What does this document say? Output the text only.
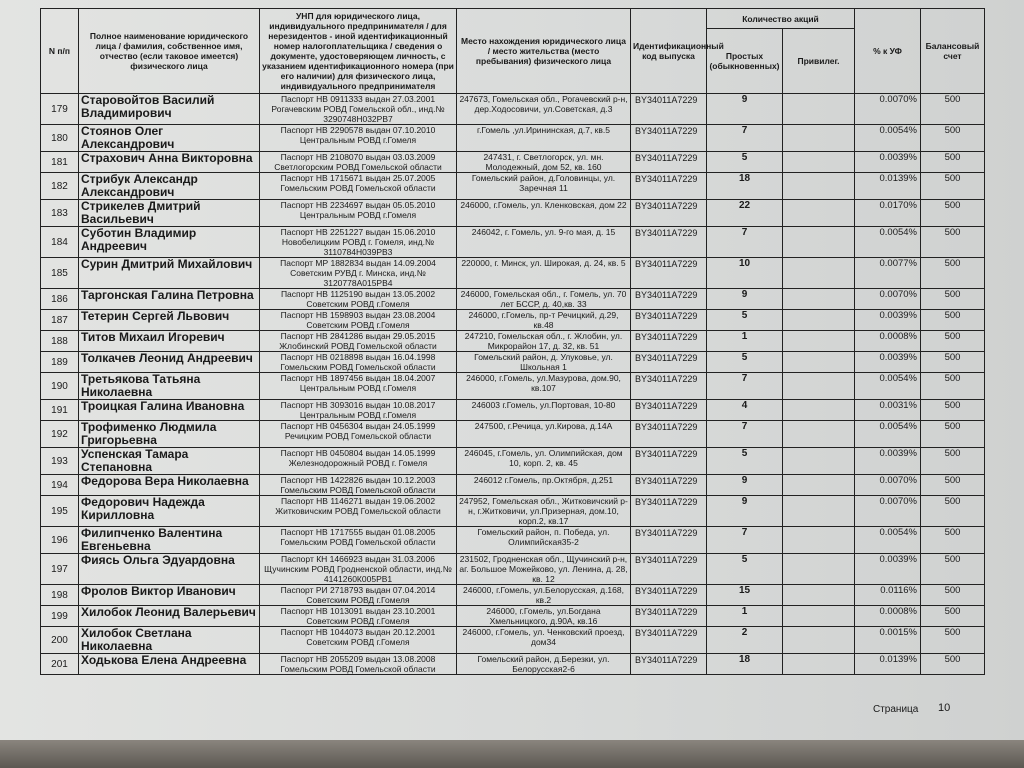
N п/п	Полное наименование юридического лица / фамилия, собственное имя, отчество (если таковое имеется) физического лица	УНП для юридического лица, индивидуального предпринимателя / для нерезидентов - иной идентификационный номер налогоплательщика / сведения о документе, удостоверяющем личность, с указанием идентификационного номера (при его наличии) для физического лица, индивидуального предпринимателя	Место нахождения юридического лица / место жительства (место пребывания) физического лица	Идентификационный код выпуска	Количество акций		% к УФ	Балансовый счет
					Простых (обыкновенных)	Привилег.		
179	Старовойтов Василий Владимирович	Паспорт НВ 0911333 выдан 27.03.2001 Рогачевским РОВД Гомельской обл., инд.№ 3290748Н032РВ7	247673, Гомельская обл., Рогачевский р-н, дер.Ходосовичи, ул.Советская, д.3	BY34011A7229	9		0.0070%	500
180	Стоянов Олег Александрович	Паспорт НВ 2290578 выдан 07.10.2010 Центральным РОВД г.Гомеля	г.Гомель ,ул.Ирининская, д.7, кв.5	BY34011A7229	7		0.0054%	500
181	Страхович Анна Викторовна	Паспорт НВ 2108070 выдан 03.03.2009 Светлогорским РОВД Гомельской области	247431, г. Светлогорск, ул. мн. Молодежный, дом 52, кв. 160	BY34011A7229	5		0.0039%	500
182	Стрибук Александр Александрович	Паспорт НВ 1715671 выдан 25.07.2005 Гомельским РОВД Гомельской области	Гомельский район, д.Головинцы, ул. Заречная 11	BY34011A7229	18		0.0139%	500
183	Стрикелев Дмитрий Васильевич	Паспорт НВ 2234697 выдан 05.05.2010 Центральным РОВД г.Гомеля	246000, г.Гомель, ул. Кленковская, дом 22	BY34011A7229	22		0.0170%	500
184	Суботин Владимир Андреевич	Паспорт НВ 2251227 выдан 15.06.2010 Новобелицким РОВД г. Гомеля, инд.№ 3110784Н039РВ3	246042, г. Гомель, ул. 9-го мая, д. 15	BY34011A7229	7		0.0054%	500
185	Сурин Дмитрий Михайлович	Паспорт МР 1882834 выдан 14.09.2004 Советским РУВД г. Минска, инд.№ 3120778А015РВ4	220000, г. Минск, ул. Широкая, д. 24, кв. 5	BY34011A7229	10		0.0077%	500
186	Таргонская Галина Петровна	Паспорт НВ 1125190 выдан 13.05.2002 Советским РОВД г.Гомеля	246000, Гомельская обл., г. Гомель, ул. 70 лет БССР, д. 40,кв. 33	BY34011A7229	9		0.0070%	500
187	Тетерин Сергей Львович	Паспорт НВ 1598903 выдан 23.08.2004 Советским РОВД г.Гомеля	246000, г.Гомель, пр-т Речицкий, д.29, кв.48	BY34011A7229	5		0.0039%	500
188	Титов Михаил Игоревич	Паспорт НВ 2841286 выдан 29.05.2015 Жлобинский РОВД Гомельской области	247210, Гомельская обл., г. Жлобин, ул. Микрорайон 17, д. 32, кв. 51	BY34011A7229	1		0.0008%	500
189	Толкачев Леонид Андреевич	Паспорт НВ 0218898 выдан 16.04.1998 Гомельским РОВД Гомельской области	Гомельский район, д. Улуковье, ул. Школьная 1	BY34011A7229	5		0.0039%	500
190	Третьякова Татьяна Николаевна	Паспорт НВ 1897456 выдан 18.04.2007 Центральным РОВД г.Гомеля	246000, г.Гомель, ул.Мазурова, дом.90, кв.107	BY34011A7229	7		0.0054%	500
191	Троицкая Галина Ивановна	Паспорт НВ 3093016 выдан 10.08.2017 Центральным РОВД г.Гомеля	246003 г.Гомель, ул.Портовая, 10-80	BY34011A7229	4		0.0031%	500
192	Трофименко Людмила Григорьевна	Паспорт НВ 0456304 выдан 24.05.1999 Речицким РОВД Гомельской области	247500, г.Речица, ул.Кирова, д.14А	BY34011A7229	7		0.0054%	500
193	Успенская Тамара Степановна	Паспорт НВ 0450804 выдан 14.05.1999 Железнодорожный РОВД г. Гомеля	246045, г.Гомель, ул. Олимпийская, дом 10, корп. 2, кв. 45	BY34011A7229	5		0.0039%	500
194	Федорова Вера Николаевна	Паспорт НВ 1422826 выдан 10.12.2003 Гомельским РОВД Гомельской области	246012 г.Гомель, пр.Октября, д.251	BY34011A7229	9		0.0070%	500
195	Федорович Надежда Кирилловна	Паспорт НВ 1146271 выдан 19.06.2002 Житковичским РОВД Гомельской области	247952, Гомельская обл., Житковичский р-н, г.Житковичи, ул.Призерная, дом.10, корп.2, кв.17	BY34011A7229	9		0.0070%	500
196	Филипченко Валентина Евгеньевна	Паспорт НВ 1717555 выдан 01.08.2005 Гомельским РОВД Гомельской области	Гомельский район, п. Победа, ул. Олимпийская35-2	BY34011A7229	7		0.0054%	500
197	Фиясь Ольга Эдуардовна	Паспорт КН 1466923 выдан 31.03.2006 Щучинским РОВД Гродненской области, инд.№ 4141260К005РВ1	231502, Гродненская обл., Щучинский р-н, аг. Большое Можейково, ул. Ленина, д. 28, кв. 12	BY34011A7229	5		0.0039%	500
198	Фролов Виктор Иванович	Паспорт РИ 2718793 выдан 07.04.2014 Советским РОВД г.Гомеля	246000, г.Гомель, ул.Белорусская, д.168, кв.2	BY34011A7229	15		0.0116%	500
199	Хилобок Леонид Валерьевич	Паспорт НВ 1013091 выдан 23.10.2001 Советским РОВД г.Гомеля	246000, г.Гомель, ул.Богдана Хмельницкого, д.90А, кв.16	BY34011A7229	1		0.0008%	500
200	Хилобок Светлана Николаевна	Паспорт НВ 1044073 выдан 20.12.2001 Советским РОВД г.Гомеля	246000, г.Гомель, ул. Ченковский проезд, дом34	BY34011A7229	2		0.0015%	500
201	Ходькова Елена Андреевна	Паспорт НВ 2055209 выдан 13.08.2008 Гомельским РОВД Гомельской области	Гомельский район, д.Березки, ул. Белорусская2-6	BY34011A7229	18		0.0139%	500
Страница 10
